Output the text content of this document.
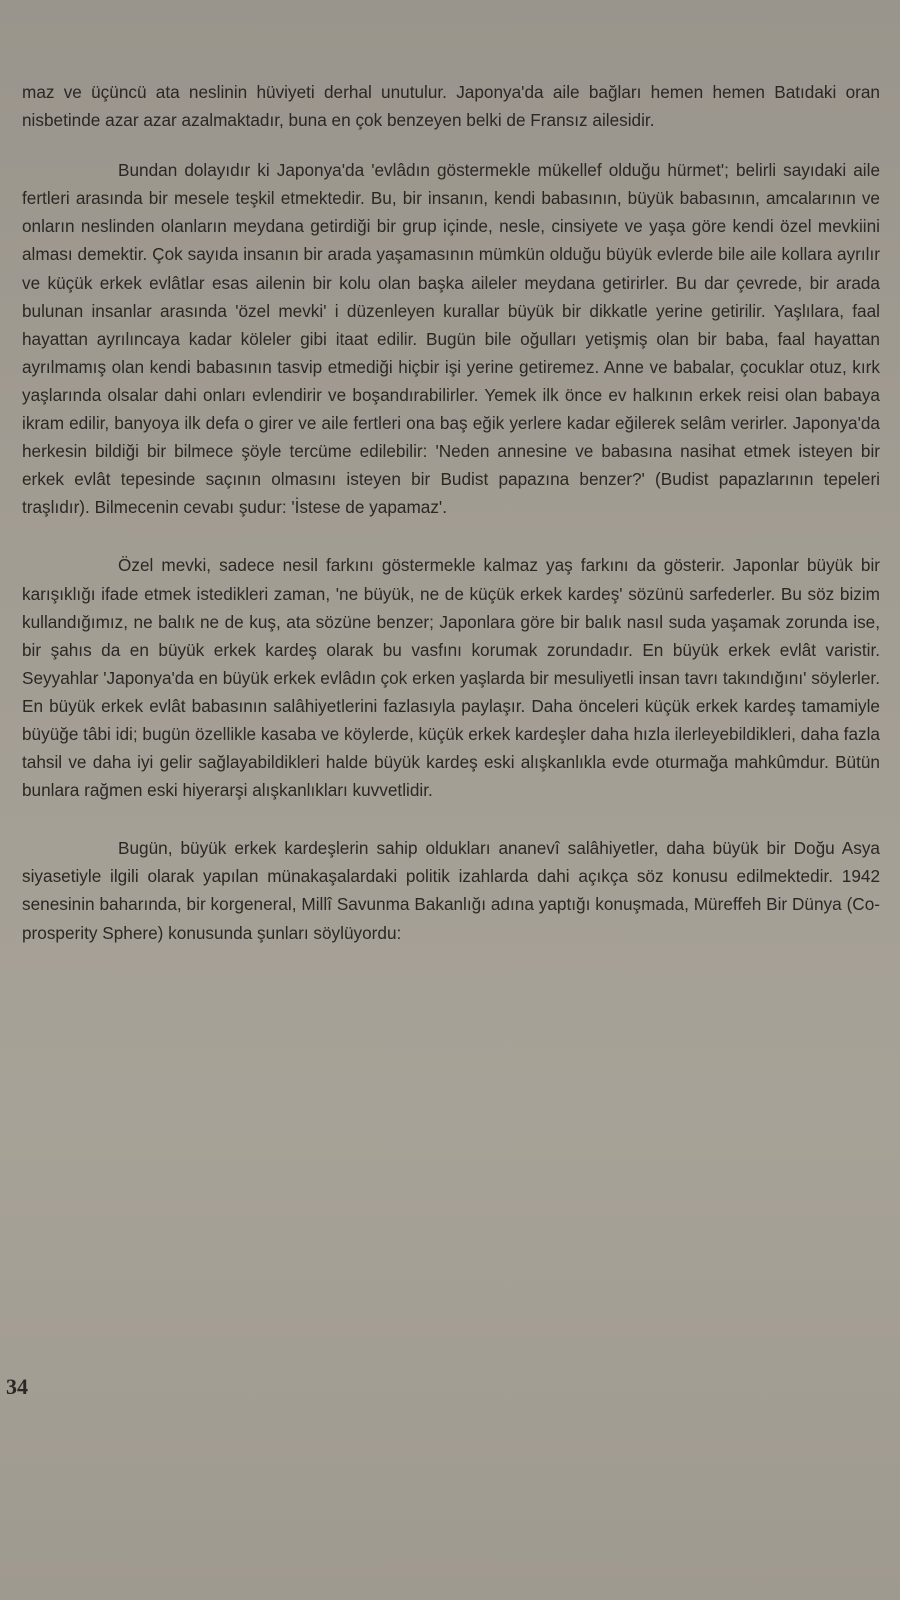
maz ve üçüncü ata neslinin hüviyeti derhal unutulur. Japonya'da aile bağları hemen hemen Batıdaki oran nisbetinde azar azar azalmaktadır, buna en çok benzeyen belki de Fransız ailesidir.

Bundan dolayıdır ki Japonya'da 'evlâdın göstermekle mükellef olduğu hürmet'; belirli sayıdaki aile fertleri arasında bir mesele teşkil etmektedir. Bu, bir insanın, kendi babasının, büyük babasının, amcalarının ve onların neslinden olanların meydana getirdiği bir grup içinde, nesle, cinsiyete ve yaşa göre kendi özel mevkiini alması demektir. Çok sayıda insanın bir arada yaşamasının mümkün olduğu büyük evlerde bile aile kollara ayrılır ve küçük erkek evlâtlar esas ailenin bir kolu olan başka aileler meydana getirirler. Bu dar çevrede, bir arada bulunan insanlar arasında 'özel mevki' i düzenleyen kurallar büyük bir dikkatle yerine getirilir. Yaşlılara, faal hayattan ayrılıncaya kadar köleler gibi itaat edilir. Bugün bile oğulları yetişmiş olan bir baba, faal hayattan ayrılmamış olan kendi babasının tasvip etmediği hiçbir işi yerine getiremez. Anne ve babalar, çocuklar otuz, kırk yaşlarında olsalar dahi onları evlendirir ve boşandırabilirler. Yemek ilk önce ev halkının erkek reisi olan babaya ikram edilir, banyoya ilk defa o girer ve aile fertleri ona baş eğik yerlere kadar eğilerek selâm verirler. Japonya'da herkesin bildiği bir bilmece şöyle tercüme edilebilir: 'Neden annesine ve babasına nasihat etmek isteyen bir erkek evlât tepesinde saçının olmasını isteyen bir Budist papazına benzer?' (Budist papazlarının tepeleri traşlıdır). Bilmecenin cevabı şudur: 'İstese de yapamaz'.

Özel mevki, sadece nesil farkını göstermekle kalmaz yaş farkını da gösterir. Japonlar büyük bir karışıklığı ifade etmek istedikleri zaman, 'ne büyük, ne de küçük erkek kardeş' sözünü sarfederler. Bu söz bizim kullandığımız, ne balık ne de kuş, ata sözüne benzer; Japonlara göre bir balık nasıl suda yaşamak zorunda ise, bir şahıs da en büyük erkek kardeş olarak bu vasfını korumak zorundadır. En büyük erkek evlât varistir. Seyyahlar 'Japonya'da en büyük erkek evlâdın çok erken yaşlarda bir mesuliyetli insan tavrı takındığını' söylerler. En büyük erkek evlât babasının salâhiyetlerini fazlasıyla paylaşır. Daha önceleri küçük erkek kardeş tamamiyle büyüğe tâbi idi; bugün özellikle kasaba ve köylerde, küçük erkek kardeşler daha hızla ilerleyebildikleri, daha fazla tahsil ve daha iyi gelir sağlayabildikleri halde büyük kardeş eski alışkanlıkla evde oturmağa mahkûmdur. Bütün bunlara rağmen eski hiyerarşi alışkanlıkları kuvvetlidir.

Bugün, büyük erkek kardeşlerin sahip oldukları ananevî salâhiyetler, daha büyük bir Doğu Asya siyasetiyle ilgili olarak yapılan münakaşalardaki politik izahlarda dahi açıkça söz konusu edilmektedir. 1942 senesinin baharında, bir korgeneral, Millî Savunma Bakanlığı adına yaptığı konuşmada, Müreffeh Bir Dünya (Co-prosperity Sphere) konusunda şunları söylüyordu:

34
